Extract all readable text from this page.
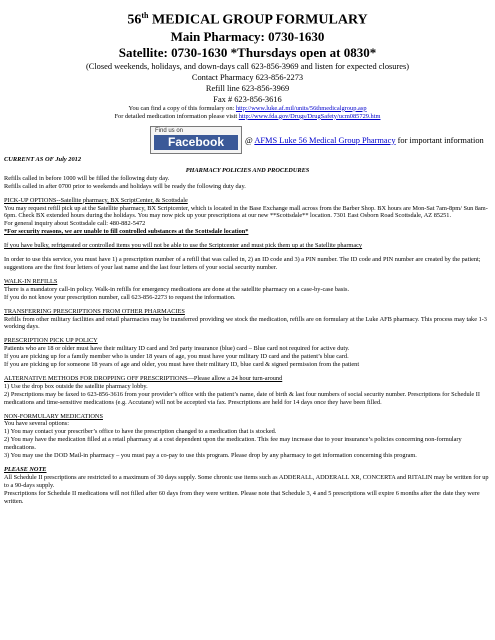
56th MEDICAL GROUP FORMULARY
Main Pharmacy: 0730-1630
Satellite: 0730-1630 *Thursdays open at 0830*
(Closed weekends, holidays, and down-days call 623-856-3969 and listen for expected closures)
Contact Pharmacy 623-856-2273
Refill line 623-856-3969
Fax # 623-856-3616
You can find a copy of this formulary on: http://www.luke.af.mil/units/56thmedicalgroup.asp
For detailed medication information please visit http://www.fda.gov/Drugs/DrugSafety/ucm085729.htm
Find us on
Facebook	@ AFMS Luke 56 Medical Group Pharmacy for important information
CURRENT AS OF July 2012
PHARMACY POLICIES AND PROCEDURES

Refills called in before 1000 will be filled the following duty day.

Refills called in after 0700 prior to weekends and holidays will be ready the following duty day.

PICK-UP OPTIONS--Satellite pharmacy, BX ScriptCenter, & Scottsdale

You may request refill pick up at the Satellite pharmacy, BX Scriptcenter, which is located in the Base Exchange mall across from the Barber Shop. BX hours are Mon-Sat 7am-8pm/ Sun 8am-6pm. Check BX extended hours during the holidays. You may now pick up your prescriptions at our new **Scottsdale** location. 7301 East Osborn Road Scottsdale, AZ 85251.

For general inquiry about Scottsdale call: 480-882-5472

*For security reasons, we are unable to fill controlled substances at the Scottsdale location*

If you have bulky, refrigerated or controlled items you will not be able to use the Scriptcenter and must pick them up at the Satellite pharmacy

In order to use this service, you must have 1) a prescription number of a refill that was called in, 2) an ID code and 3) a PIN number. The ID code and PIN number are created by the patient; suggestions are the first four letters of your last name and the last four letters of your social security number.

WALK-IN REFILLS

There is a mandatory call-in policy. Walk-in refills for emergency medications are done at the satellite pharmacy on a case-by-case basis.

If you do not know your prescription number, call 623-856-2273 to request the information.

TRANSFERRING PRESCRIPTIONS FROM OTHER PHARMACIES

Refills from other military facilities and retail pharmacies may be transferred providing we stock the medication, refills are on formulary at the Luke AFB pharmacy. This process may take 1-3 working days.

PRESCRIPTION PICK UP POLICY

Patients who are 18 or older must have their military ID card and 3rd party insurance (blue) card – Blue card not required for active duty.

If you are picking up for a family member who is under 18 years of age, you must have your military ID card and the patient’s blue card.

If you are picking up for someone 18 years of age and older, you must have their military ID, blue card & signed permission from the patient

ALTERNATIVE METHODS FOR DROPPING OFF PRESCRIPTIONS—Please allow a 24 hour turn-around

1) Use the drop box outside the satellite pharmacy lobby.

2) Prescriptions may be faxed to 623-856-3616 from your provider’s office with the patient’s name, date of birth & last four numbers of social security number. Prescriptions for Schedule II medications and time-sensitive medications (e.g. Accutane) will not be accepted via fax. Prescriptions are held for 14 days once they have been filled.

NON-FORMULARY MEDICATIONS

You have several options:

1) You may contact your prescriber’s office to have the prescription changed to a medication that is stocked.

2) You may have the medication filled at a retail pharmacy at a cost dependent upon the medication. This fee may increase due to your insurance’s policies concerning non-formulary medications.

3) You may use the DOD Mail-in pharmacy – you must pay a co-pay to use this program. Please drop by any pharmacy to get information concerning this program.

PLEASE NOTE

All Schedule II prescriptions are restricted to a maximum of 30 days supply. Some chronic use items such as ADDERALL, ADDERALL XR, CONCERTA and RITALIN may be written for up to a 90-days supply.

Prescriptions for Schedule II medications will not filled after 60 days from they were written. Please note that Schedule 3, 4 and 5 prescriptions will expire 6 months after the date they were written.
